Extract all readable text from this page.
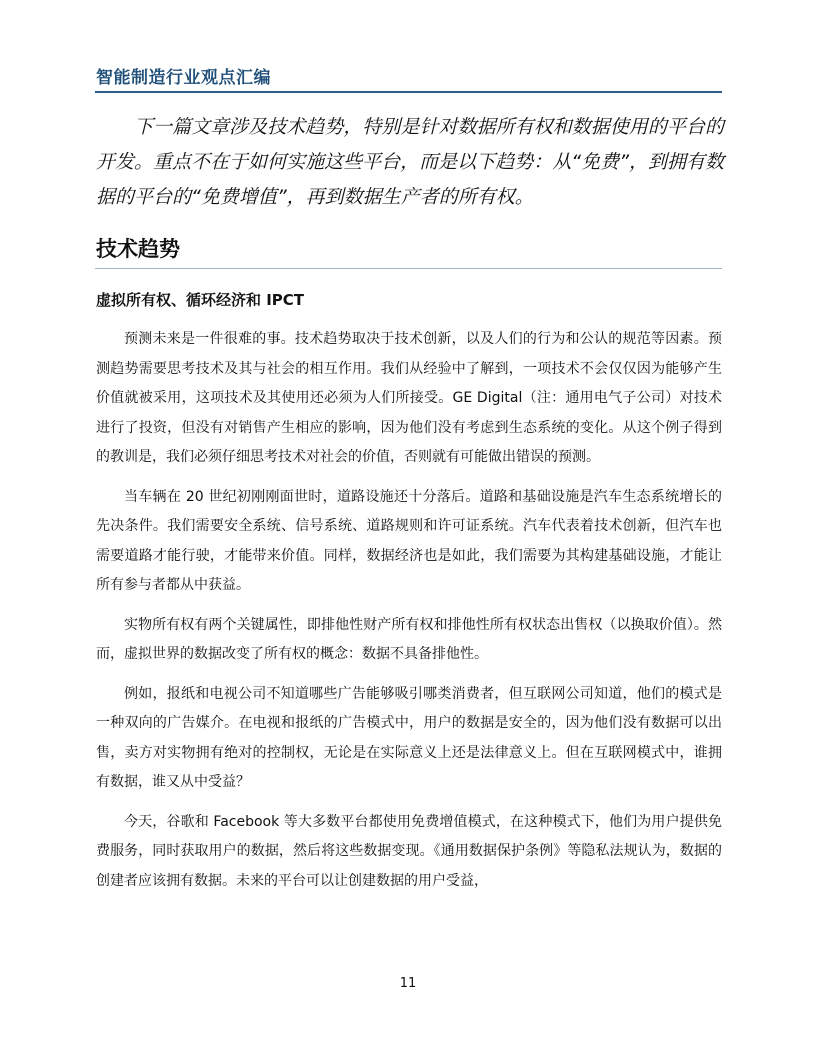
智能制造行业观点汇编

下一篇文章涉及技术趋势，特别是针对数据所有权和数据使用的平台的开发。重点不在于如何实施这些平台，而是以下趋势：从“免费”，到拥有数据的平台的“免费增值”，再到数据生产者的所有权。

技术趋势
虚拟所有权、循环经济和 IPCT

预测未来是一件很难的事。技术趋势取决于技术创新，以及人们的行为和公认的规范等因素。预测趋势需要思考技术及其与社会的相互作用。我们从经验中了解到，一项技术不会仅仅因为能够产生价值就被采用，这项技术及其使用还必须为人们所接受。GE Digital（注：通用电气子公司）对技术进行了投资，但没有对销售产生相应的影响，因为他们没有考虑到生态系统的变化。从这个例子得到的教训是，我们必须仔细思考技术对社会的价值，否则就有可能做出错误的预测。

当车辆在 20 世纪初刚刚面世时，道路设施还十分落后。道路和基础设施是汽车生态系统增长的先决条件。我们需要安全系统、信号系统、道路规则和许可证系统。汽车代表着技术创新，但汽车也需要道路才能行驶，才能带来价值。同样，数据经济也是如此，我们需要为其构建基础设施，才能让所有参与者都从中获益。

实物所有权有两个关键属性，即排他性财产所有权和排他性所有权状态出售权（以换取价值）。然而，虚拟世界的数据改变了所有权的概念：数据不具备排他性。

例如，报纸和电视公司不知道哪些广告能够吸引哪类消费者，但互联网公司知道，他们的模式是一种双向的广告媒介。在电视和报纸的广告模式中，用户的数据是安全的，因为他们没有数据可以出售，卖方对实物拥有绝对的控制权，无论是在实际意义上还是法律意义上。但在互联网模式中，谁拥有数据，谁又从中受益？

今天，谷歌和 Facebook 等大多数平台都使用免费增值模式，在这种模式下，他们为用户提供免费服务，同时获取用户的数据，然后将这些数据变现。《通用数据保护条例》等隐私法规认为，数据的创建者应该拥有数据。未来的平台可以让创建数据的用户受益，

11
